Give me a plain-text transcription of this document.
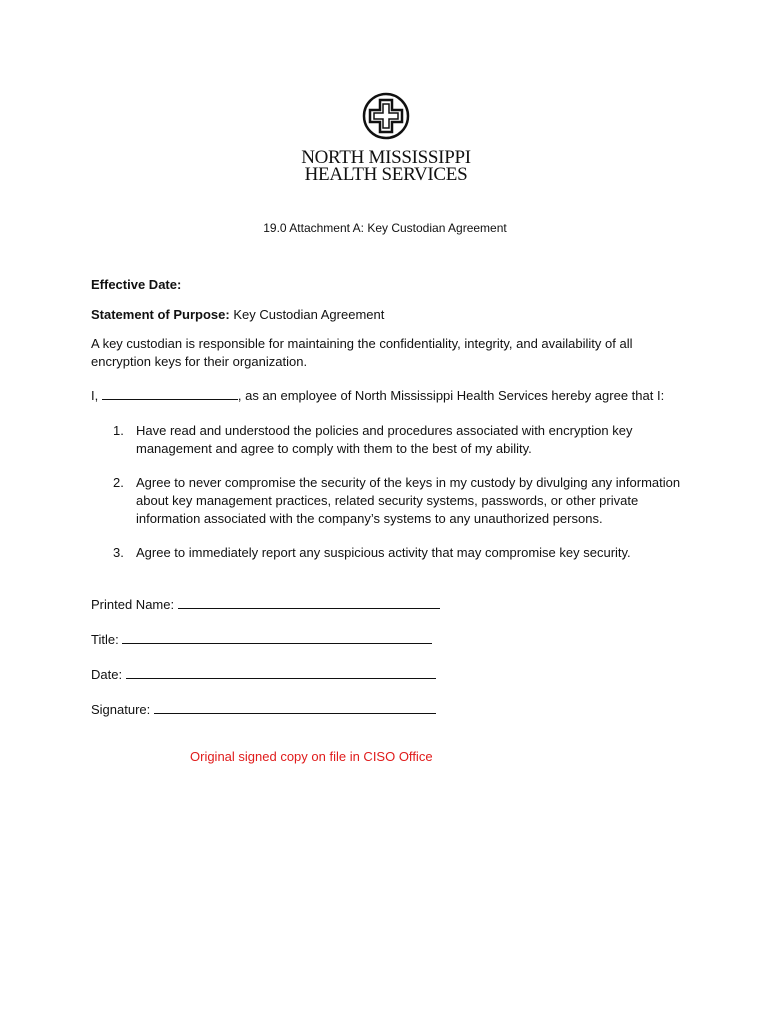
NORTH MISSISSIPPI
HEALTH SERVICES
19.0 Attachment A: Key Custodian Agreement
Effective Date:
Statement of Purpose: Key Custodian Agreement
A key custodian is responsible for maintaining the confidentiality, integrity, and availability of all
encryption keys for their organization.
I,	, as an employee of North Mississippi Health Services hereby agree that I:
1. Have read and understood the policies and procedures associated with encryption key
management and agree to comply with them to the best of my ability.
2. Agree to never compromise the security of the keys in my custody by divulging any information
about key management practices, related security systems, passwords, or other private
information associated with the company’s systems to any unauthorized persons.
3. Agree to immediately report any suspicious activity that may compromise key security.
Printed Name:
Title:
Date:
Signature:
Original signed copy on file in CISO Office
